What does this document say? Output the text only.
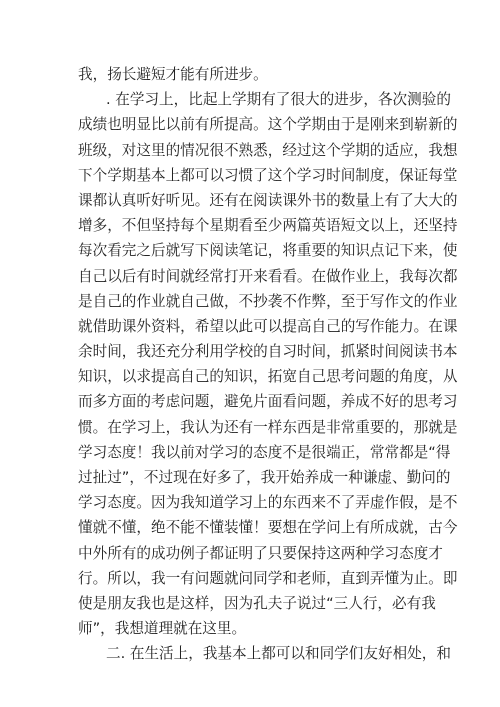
我，扬长避短才能有所进步。
. 在学习上，比起上学期有了很大的进步，各次测验的
成绩也明显比以前有所提高。这个学期由于是刚来到崭新的
班级，对这里的情况很不熟悉，经过这个学期的适应，我想
下个学期基本上都可以习惯了这个学习时间制度，保证每堂
课都认真听好听见。还有在阅读课外书的数量上有了大大的
增多，不但坚持每个星期看至少两篇英语短文以上，还坚持
每次看完之后就写下阅读笔记，将重要的知识点记下来，使
自己以后有时间就经常打开来看看。在做作业上，我每次都
是自己的作业就自己做，不抄袭不作弊，至于写作文的作业
就借助课外资料，希望以此可以提高自己的写作能力。在课
余时间，我还充分利用学校的自习时间，抓紧时间阅读书本
知识，以求提高自己的知识，拓宽自己思考问题的角度，从
而多方面的考虑问题，避免片面看问题，养成不好的思考习
惯。在学习上，我认为还有一样东西是非常重要的，那就是
学习态度！我以前对学习的态度不是很端正，常常都是“得
过扯过”，不过现在好多了，我开始养成一种谦虚、勤问的
学习态度。因为我知道学习上的东西来不了弄虚作假，是不
懂就不懂，绝不能不懂装懂！要想在学问上有所成就，古今
中外所有的成功例子都证明了只要保持这两种学习态度才
行。所以，我一有问题就问同学和老师，直到弄懂为止。即
使是朋友我也是这样，因为孔夫子说过“三人行，必有我
师”，我想道理就在这里。
二. 在生活上，我基本上都可以和同学们友好相处，和
